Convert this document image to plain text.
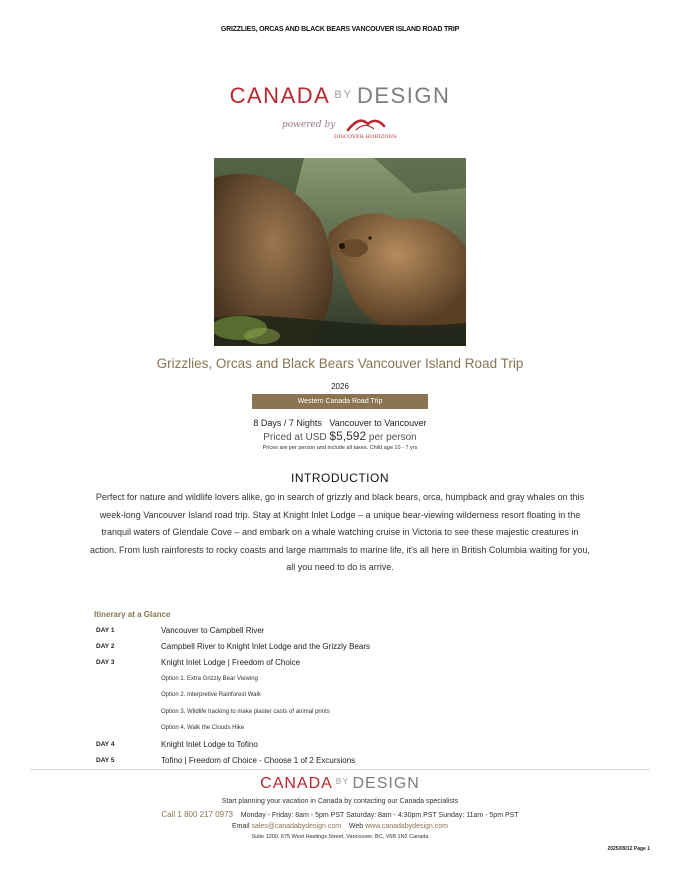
GRIZZLIES, ORCAS AND BLACK BEARS VANCOUVER ISLAND ROAD TRIP
CANADA $^{BY}$ DESIGN
powered by
DISCOVER HORIZONS
Grizzlies, Orcas and Black Bears Vancouver Island Road Trip
2026
Western Canada Road Trip
8 Days / 7 Nights Vancouver to Vancouver
Priced at USD $5,592 per person
Prices are per person and include all taxes. Child age 10 - 7 yrs
INTRODUCTION
Perfect for nature and wildlife lovers alike, go in search of grizzly and black bears, orca, humpback and gray whales on this week-long Vancouver Island road trip. Stay at Knight Inlet Lodge – a unique bear-viewing wilderness resort floating in the tranquil waters of Glendale Cove – and embark on a whale watching cruise in Victoria to see these majestic creatures in action. From lush rainforests to rocky coasts and large mammals to marine life, it's all here in British Columbia waiting for you, all you need to do is arrive.
Itinerary at a Glance
DAY 1	Vancouver to Campbell River
DAY 2	Campbell River to Knight Inlet Lodge and the Grizzly Bears
DAY 3	Knight Inlet Lodge | Freedom of Choice
Option 1. Extra Grizzly Bear Viewing
Option 2. Interpretive Rainforest Walk
Option 3. Wildlife tracking to make plaster casts of animal prints
Option 4. Walk the Clouds Hike
DAY 4	Knight Inlet Lodge to Tofino
DAY 5	Tofino | Freedom of Choice - Choose 1 of 2 Excursions
CANADA $^{BY}$ DESIGN
Start planning your vacation in Canada by contacting our Canada specialists
Call 1 800 217 0973 Monday - Friday: 8am - 5pm PST Saturday: 8am - 4:30pm PST Sunday: 11am - 5pm PST
Email sales@canadabydesign.com Web www.canadabydesign.com
Suite 1200, 675 West Hastings Street, Vancouver, BC, V6B 1N2 Canada
2025/09/12 Page 1
